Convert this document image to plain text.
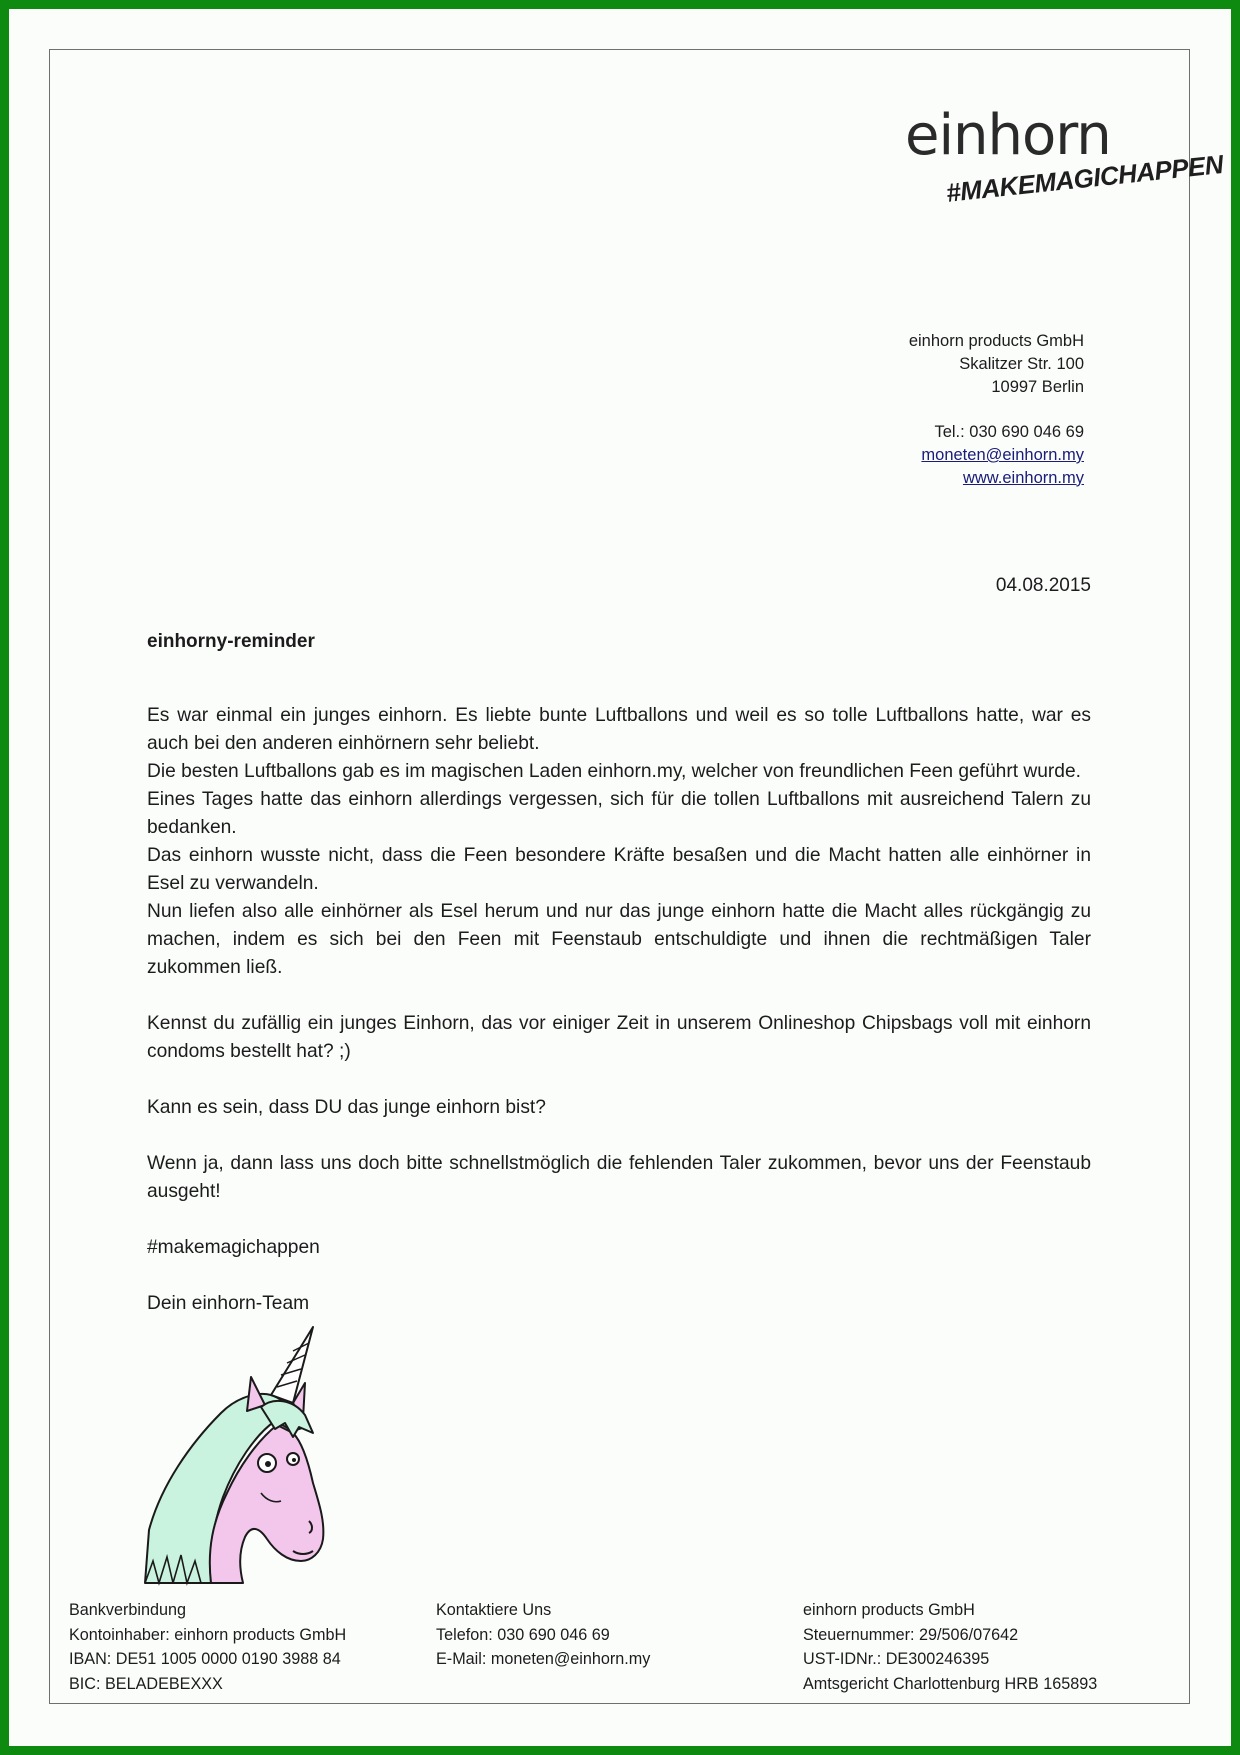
einhorn
#MAKEMAGICHAPPEN
einhorn products GmbH
Skalitzer Str. 100
10997 Berlin
Tel.: 030 690 046 69
moneten@einhorn.my
www.einhorn.my
04.08.2015
einhorny-reminder

Es war einmal ein junges einhorn. Es liebte bunte Luftballons und weil es so tolle Luftballons hatte, war es auch bei den anderen einhörnern sehr beliebt.

Die besten Luftballons gab es im magischen Laden einhorn.my, welcher von freundlichen Feen geführt wurde.

Eines Tages hatte das einhorn allerdings vergessen, sich für die tollen Luftballons mit ausreichend Talern zu bedanken.

Das einhorn wusste nicht, dass die Feen besondere Kräfte besaßen und die Macht hatten alle einhörner in Esel zu verwandeln.

Nun liefen also alle einhörner als Esel herum und nur das junge einhorn hatte die Macht alles rückgängig zu machen, indem es sich bei den Feen mit Feenstaub entschuldigte und ihnen die rechtmäßigen Taler zukommen ließ.

Kennst du zufällig ein junges Einhorn, das vor einiger Zeit in unserem Onlineshop Chipsbags voll mit einhorn condoms bestellt hat? ;)

Kann es sein, dass DU das junge einhorn bist?

Wenn ja, dann lass uns doch bitte schnellstmöglich die fehlenden Taler zukommen, bevor uns der Feenstaub ausgeht!

#makemagichappen

Dein einhorn-Team

Bankverbindung
Kontoinhaber: einhorn products GmbH
IBAN: DE51 1005 0000 0190 3988 84
BIC: BELADEBEXXX
Kontaktiere Uns
Telefon: 030 690 046 69
E-Mail: moneten@einhorn.my
einhorn products GmbH
Steuernummer: 29/506/07642
UST-IDNr.: DE300246395
Amtsgericht Charlottenburg HRB 165893
